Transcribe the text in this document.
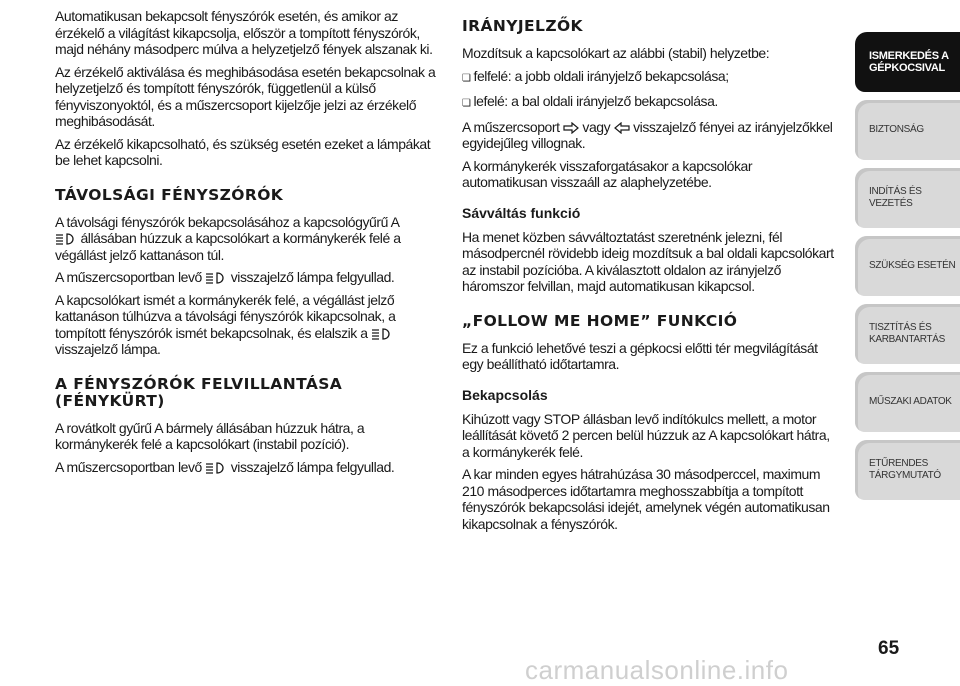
Automatikusan bekapcsolt fényszórók esetén, és amikor az érzékelő a világítást kikapcsolja, először a tompított fényszórók, majd néhány másodperc múlva a helyzetjelző fények alszanak ki.

Az érzékelő aktiválása és meghibásodása esetén bekapcsolnak a helyzetjelző és tompított fényszórók, függetlenül a külső fényviszonyoktól, és a műszercsoport kijelzője jelzi az érzékelő meghibásodását.

Az érzékelő kikapcsolható, és szükség esetén ezeket a lámpákat be lehet kapcsolni.

TÁVOLSÁGI FÉNYSZÓRÓK

A távolsági fényszórók bekapcsolásához a kapcsológyűrű A
állásában húzzuk a kapcsolókart a kormánykerék felé a végállást jelző kattanáson túl.

A műszercsoportban levő visszajelző lámpa felgyullad.

A kapcsolókart ismét a kormánykerék felé, a végállást jelző kattanáson túlhúzva a távolsági fényszórók kikapcsolnak, a tompított fényszórók ismét bekapcsolnak, és elalszik a  visszajelző lámpa.

A FÉNYSZÓRÓK FELVILLANTÁSA (FÉNYKÜRT)

A rovátkolt gyűrű A bármely állásában húzzuk hátra, a kormánykerék felé a kapcsolókart (instabil pozíció).

A műszercsoportban levő visszajelző lámpa felgyullad.

IRÁNYJELZŐK

Mozdítsuk a kapcsolókart az alábbi (stabil) helyzetbe:

❏ felfelé: a jobb oldali irányjelző bekapcsolása;

❏ lefelé: a bal oldali irányjelző bekapcsolása.

A műszercsoport vagy visszajelző fényei az irányjelzőkkel egyidejűleg villognak.

A kormánykerék visszaforgatásakor a kapcsolókar automatikusan visszaáll az alaphelyzetébe.

Sávváltás funkció

Ha menet közben sávváltoztatást szeretnénk jelezni, fél másodpercnél rövidebb ideig mozdítsuk a bal oldali kapcsolókart az instabil pozícióba. A kiválasztott oldalon az irányjelző háromszor felvillan, majd automatikusan kikapcsol.

„FOLLOW ME HOME” FUNKCIÓ

Ez a funkció lehetővé teszi a gépkocsi előtti tér megvilágítását egy beállítható időtartamra.

Bekapcsolás

Kihúzott vagy STOP állásban levő indítókulcs mellett, a motor leállítását követő 2 percen belül húzzuk az A kapcsolókart hátra, a kormánykerék felé.

A kar minden egyes hátrahúzása 30 másodperccel, maximum 210 másodperces időtartamra meghosszabbítja a tompított fényszórók bekapcsolási idejét, amelynek végén automatikusan kikapcsolnak a fényszórók.

ISMERKEDÉS A GÉPKOCSIVAL
BIZTONSÁG
INDÍTÁS ÉS VEZETÉS
SZÜKSÉG ESETÉN
TISZTÍTÁS ÉS KARBANTARTÁS
MŰSZAKI ADATOK
ETŰRENDES TÁRGYMUTATÓ
65
carmanualsonline.info
